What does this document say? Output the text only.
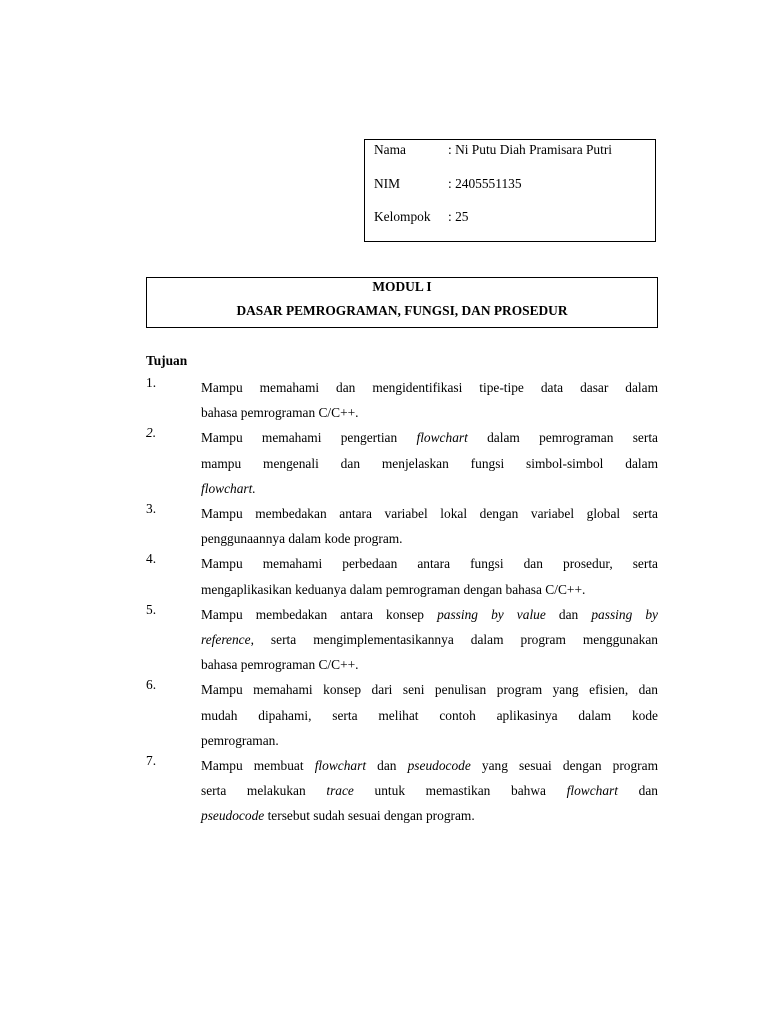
Nama	: Ni Putu Diah Pramisara Putri
NIM	: 2405551135
Kelompok : 25
MODUL I
DASAR PEMROGRAMAN, FUNGSI, DAN PROSEDUR
Tujuan
1.	Mampu memahami dan mengidentifikasi tipe-tipe data dasar dalam
bahasa pemrograman C/C++.
2.	Mampu memahami pengertian flowchart dalam pemrograman serta
mampu mengenali dan menjelaskan fungsi simbol-simbol dalam
flowchart.
3.	Mampu membedakan antara variabel lokal dengan variabel global serta
penggunaannya dalam kode program.
4.	Mampu memahami perbedaan antara fungsi dan prosedur, serta
mengaplikasikan keduanya dalam pemrograman dengan bahasa C/C++.
5.	Mampu membedakan antara konsep passing by value dan passing by
reference, serta mengimplementasikannya dalam program menggunakan
bahasa pemrograman C/C++.
6.	Mampu memahami konsep dari seni penulisan program yang efisien, dan
mudah dipahami, serta melihat contoh aplikasinya dalam kode
pemrograman.
7.	Mampu membuat flowchart dan pseudocode yang sesuai dengan program
serta melakukan trace untuk memastikan bahwa flowchart dan
pseudocode tersebut sudah sesuai dengan program.
